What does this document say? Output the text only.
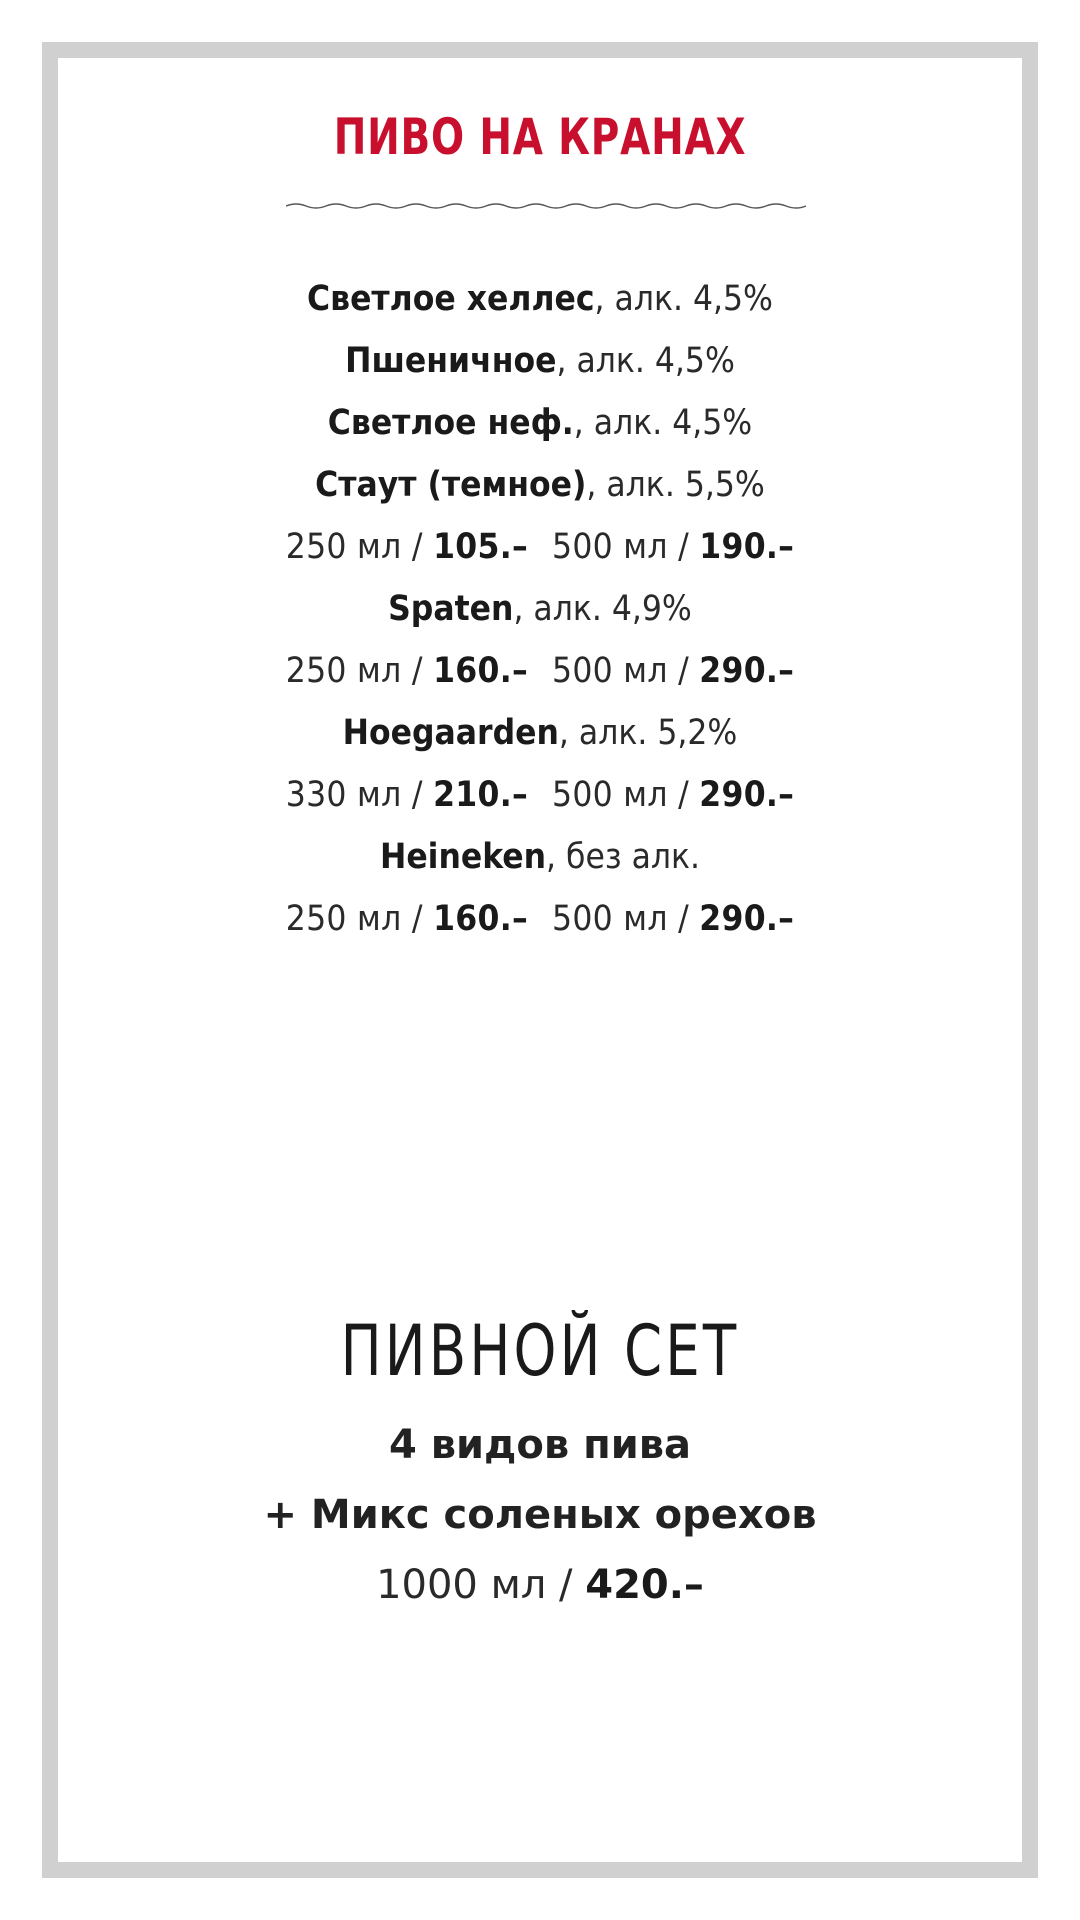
ПИВО НА КРАНАХ
Светлое хеллес, алк. 4,5%
Пшеничное, алк. 4,5%
Светлое неф., алк. 4,5%
Стаут (темное), алк. 5,5%
250 мл / 105.– 500 мл / 190.–
Spaten, алк. 4,9%
250 мл / 160.– 500 мл / 290.–
Hoegaarden, алк. 5,2%
330 мл / 210.– 500 мл / 290.–
Heineken, без алк.
250 мл / 160.– 500 мл / 290.–
ПИВНОЙ СЕТ
4 видов пива
+ Микс соленых орехов
1000 мл / 420.–
